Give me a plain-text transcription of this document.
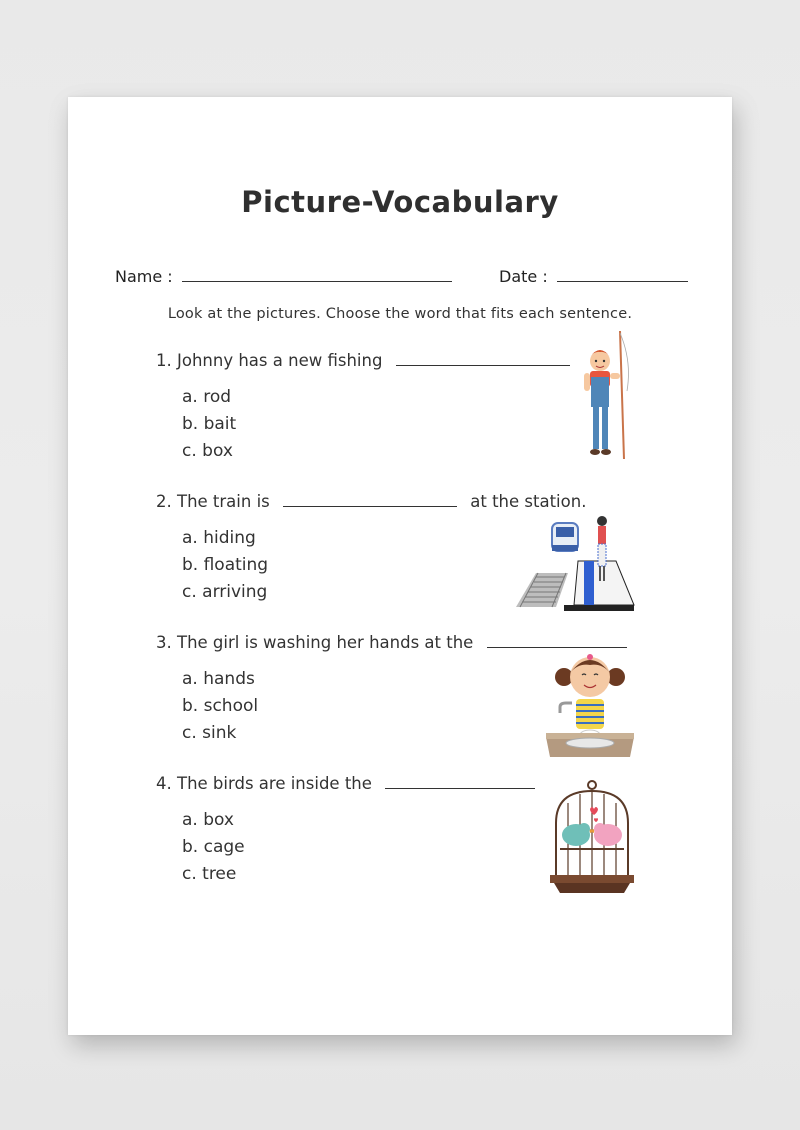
Picture-Vocabulary
Name :	Date :
Look at the pictures. Choose the word that fits each sentence.
1. Johnny has a new fishing
a. rod
b. bait
c. box
2. The train is	at the station.
a. hiding
b. floating
c. arriving
3. The girl is washing her hands at the
a. hands
b. school
c. sink
4. The birds are inside the
a. box
b. cage
c. tree
